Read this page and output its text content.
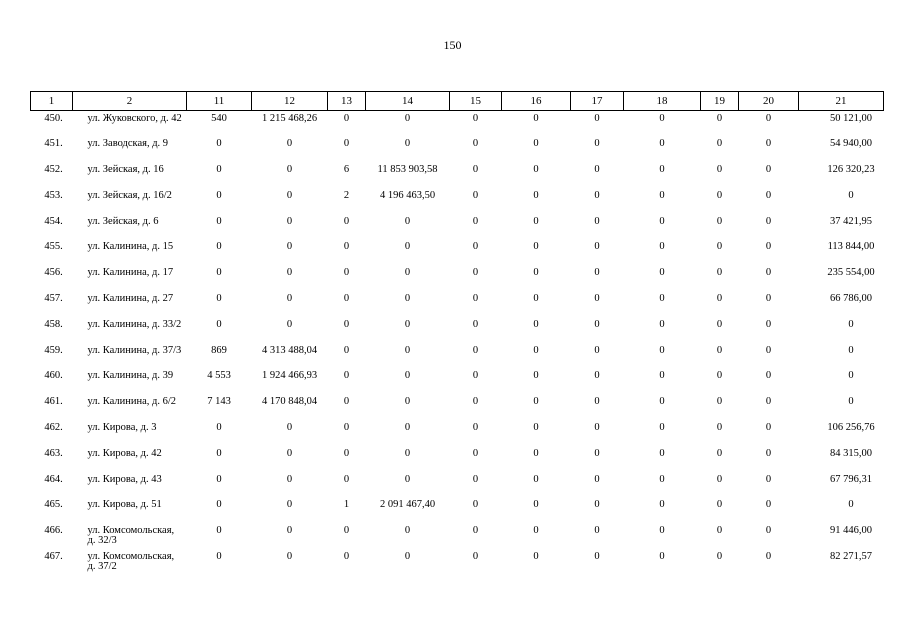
150
1	2	11	12	13	14	15	16	17	18	19	20	21
450.	ул. Жуковского, д. 42	540	1 215 468,26	0	0	0	0	0	0	0	0	50 121,00
451.	ул. Заводская, д. 9	0	0	0	0	0	0	0	0	0	0	54 940,00
452.	ул. Зейская, д. 16	0	0	6	11 853 903,58	0	0	0	0	0	0	126 320,23
453.	ул. Зейская, д. 16/2	0	0	2	4 196 463,50	0	0	0	0	0	0	0
454.	ул. Зейская, д. 6	0	0	0	0	0	0	0	0	0	0	37 421,95
455.	ул. Калинина, д. 15	0	0	0	0	0	0	0	0	0	0	113 844,00
456.	ул. Калинина, д. 17	0	0	0	0	0	0	0	0	0	0	235 554,00
457.	ул. Калинина, д. 27	0	0	0	0	0	0	0	0	0	0	66 786,00
458.	ул. Калинина, д. 33/2	0	0	0	0	0	0	0	0	0	0	0
459.	ул. Калинина, д. 37/3	869	4 313 488,04	0	0	0	0	0	0	0	0	0
460.	ул. Калинина, д. 39	4 553	1 924 466,93	0	0	0	0	0	0	0	0	0
461.	ул. Калинина, д. 6/2	7 143	4 170 848,04	0	0	0	0	0	0	0	0	0
462.	ул. Кирова, д. 3	0	0	0	0	0	0	0	0	0	0	106 256,76
463.	ул. Кирова, д. 42	0	0	0	0	0	0	0	0	0	0	84 315,00
464.	ул. Кирова, д. 43	0	0	0	0	0	0	0	0	0	0	67 796,31
465.	ул. Кирова, д. 51	0	0	1	2 091 467,40	0	0	0	0	0	0	0
466.	ул. Комсомольская, д. 32/3	0	0	0	0	0	0	0	0	0	0	91 446,00
467.	ул. Комсомольская, д. 37/2	0	0	0	0	0	0	0	0	0	0	82 271,57
